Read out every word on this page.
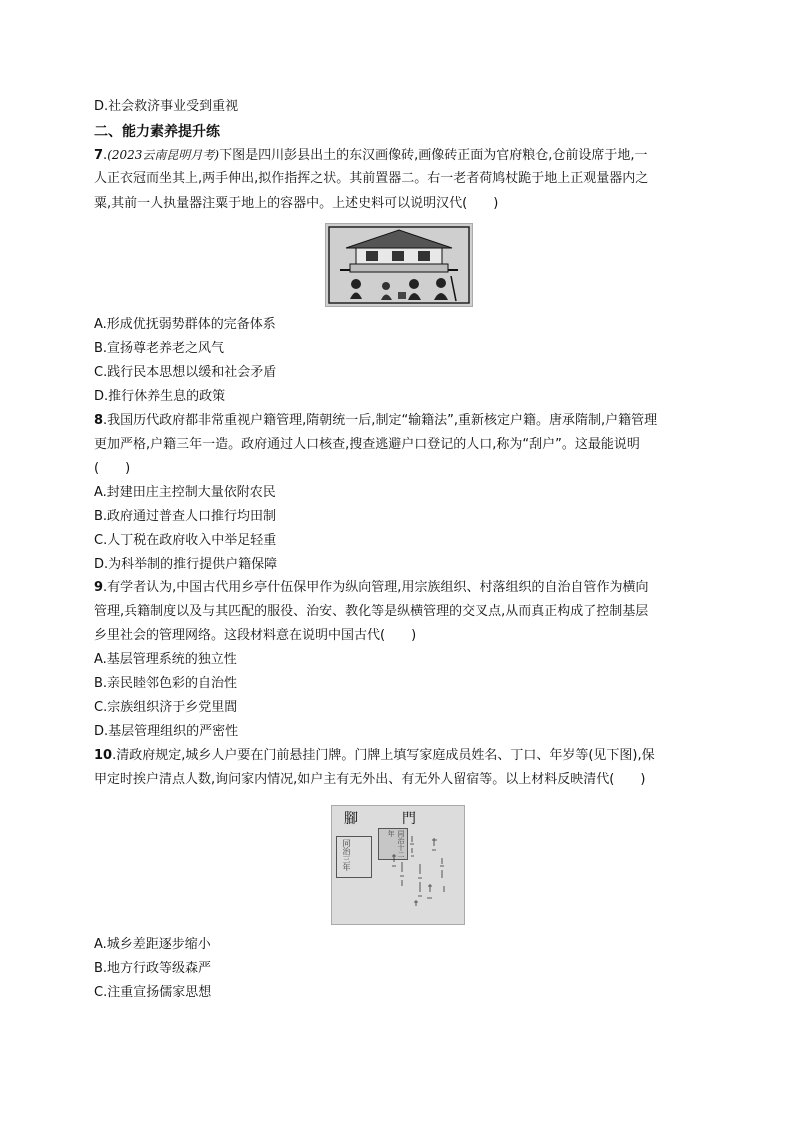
D.社会救济事业受到重视
二、能力素养提升练
7.(2023云南昆明月考)下图是四川彭县出土的东汉画像砖,画像砖正面为官府粮仓,仓前设席于地,一
人正衣冠而坐其上,两手伸出,拟作指挥之状。其前置器二。右一老者荷鸠杖跪于地上正观量器内之
粟,其前一人执量器注粟于地上的容器中。上述史料可以说明汉代(　　)
A.形成优抚弱势群体的完备体系
B.宣扬尊老养老之风气
C.践行民本思想以缓和社会矛盾
D.推行休养生息的政策
8.我国历代政府都非常重视户籍管理,隋朝统一后,制定“输籍法”,重新核定户籍。唐承隋制,户籍管理
更加严格,户籍三年一造。政府通过人口核查,搜查逃避户口登记的人口,称为“刮户”。这最能说明
(　　)
A.封建田庄主控制大量依附农民
B.政府通过普查人口推行均田制
C.人丁税在政府收入中举足轻重
D.为科举制的推行提供户籍保障
9.有学者认为,中国古代用乡亭什伍保甲作为纵向管理,用宗族组织、村落组织的自治自管作为横向
管理,兵籍制度以及与其匹配的服役、治安、教化等是纵横管理的交叉点,从而真正构成了控制基层
乡里社会的管理网络。这段材料意在说明中国古代(　　)
A.基层管理系统的独立性
B.亲民睦邻色彩的自治性
C.宗族组织济于乡党里閭
D.基层管理组织的严密性
10.清政府规定,城乡人户要在门前悬挂门牌。门牌上填写家庭成员姓名、丁口、年岁等(见下图),保
甲定时挨户清点人数,询问家内情况,如户主有无外出、有无外人留宿等。以上材料反映清代(　　)
腳	門
同治三年	同治十二年
A.城乡差距逐步缩小
B.地方行政等级森严
C.注重宣扬儒家思想
